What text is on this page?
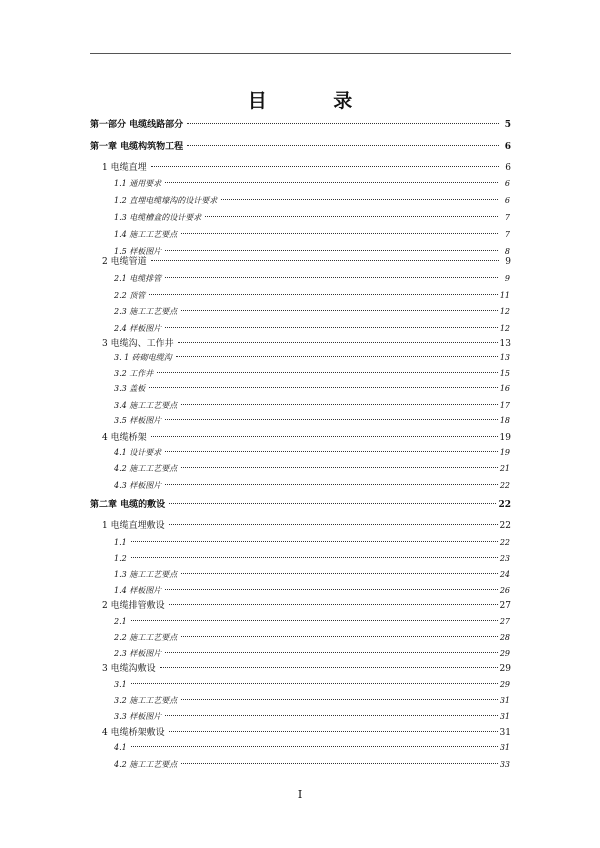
目 录
第一部分 电缆线路部分	5
第一章 电缆构筑物工程	6
1 电缆直埋	6
1.1 通用要求	6
1.2 直埋电缆壕沟的设计要求	6
1.3 电缆槽盒的设计要求	7
1.4 施工工艺要点	7
1.5 样板图片	8
2 电缆管道	9
2.1 电缆排管	9
2.2 顶管	11
2.3 施工工艺要点	12
2.4 样板图片	12
3 电缆沟、工作井	13
3. 1 砖砌电缆沟	13
3.2 工作井	15
3.3 盖板	16
3.4 施工工艺要点	17
3.5 样板图片	18
4 电缆桥架	19
4.1 设计要求	19
4.2 施工工艺要点	21
4.3 样板图片	22
第二章 电缆的敷设	22
1 电缆直埋敷设	22
1.1	22
1.2	23
1.3 施工工艺要点	24
1.4 样板图片	26
2 电缆排管敷设	27
2.1	27
2.2 施工工艺要点	28
2.3 样板图片	29
3 电缆沟敷设	29
3.1	29
3.2 施工工艺要点	31
3.3 样板图片	31
4 电缆桥架敷设	31
4.1	31
4.2 施工工艺要点	33
I
